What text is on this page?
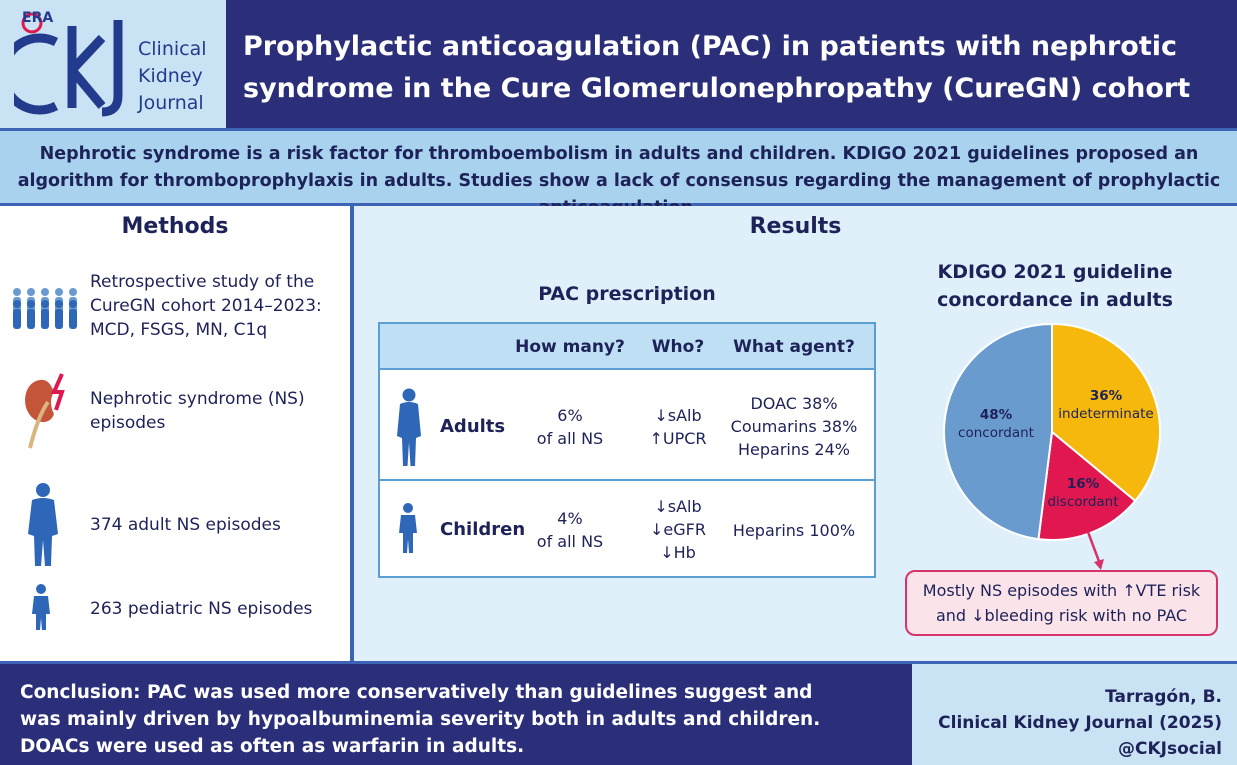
ERA
Clinical
Kidney
Journal
Prophylactic anticoagulation (PAC) in patients with nephrotic syndrome in the Cure Glomerulonephropathy (CureGN) cohort
Nephrotic syndrome is a risk factor for thromboembolism in adults and children. KDIGO 2021 guidelines proposed an algorithm for thromboprophylaxis in adults. Studies show a lack of consensus regarding the management of prophylactic
Methods
Retrospective study of the CureGN cohort 2014–2023: MCD, FSGS, MN, C1q
Nephrotic syndrome (NS) episodes
374 adult NS episodes
263 pediatric NS episodes
Results
PAC prescription
How many?	Who?	What agent?
Adults
6%
of all NS
↓sAlb
↑UPCR
DOAC 38%
Coumarins 38%
Heparins 24%
Children
4%
of all NS
↓sAlb
↓eGFR
↓Hb
Heparins 100%
KDIGO 2021 guideline
concordance in adults
48%
concordant
36%
indeterminate
16%
discordant
Mostly NS episodes with ↑VTE risk
and ↓bleeding risk with no PAC
Conclusion: PAC was used more conservatively than guidelines suggest and
was mainly driven by hypoalbuminemia severity both in adults and children.
DOACs were used as often as warfarin in adults.
Tarragón, B.
Clinical Kidney Journal (2025)
@CKJsocial
